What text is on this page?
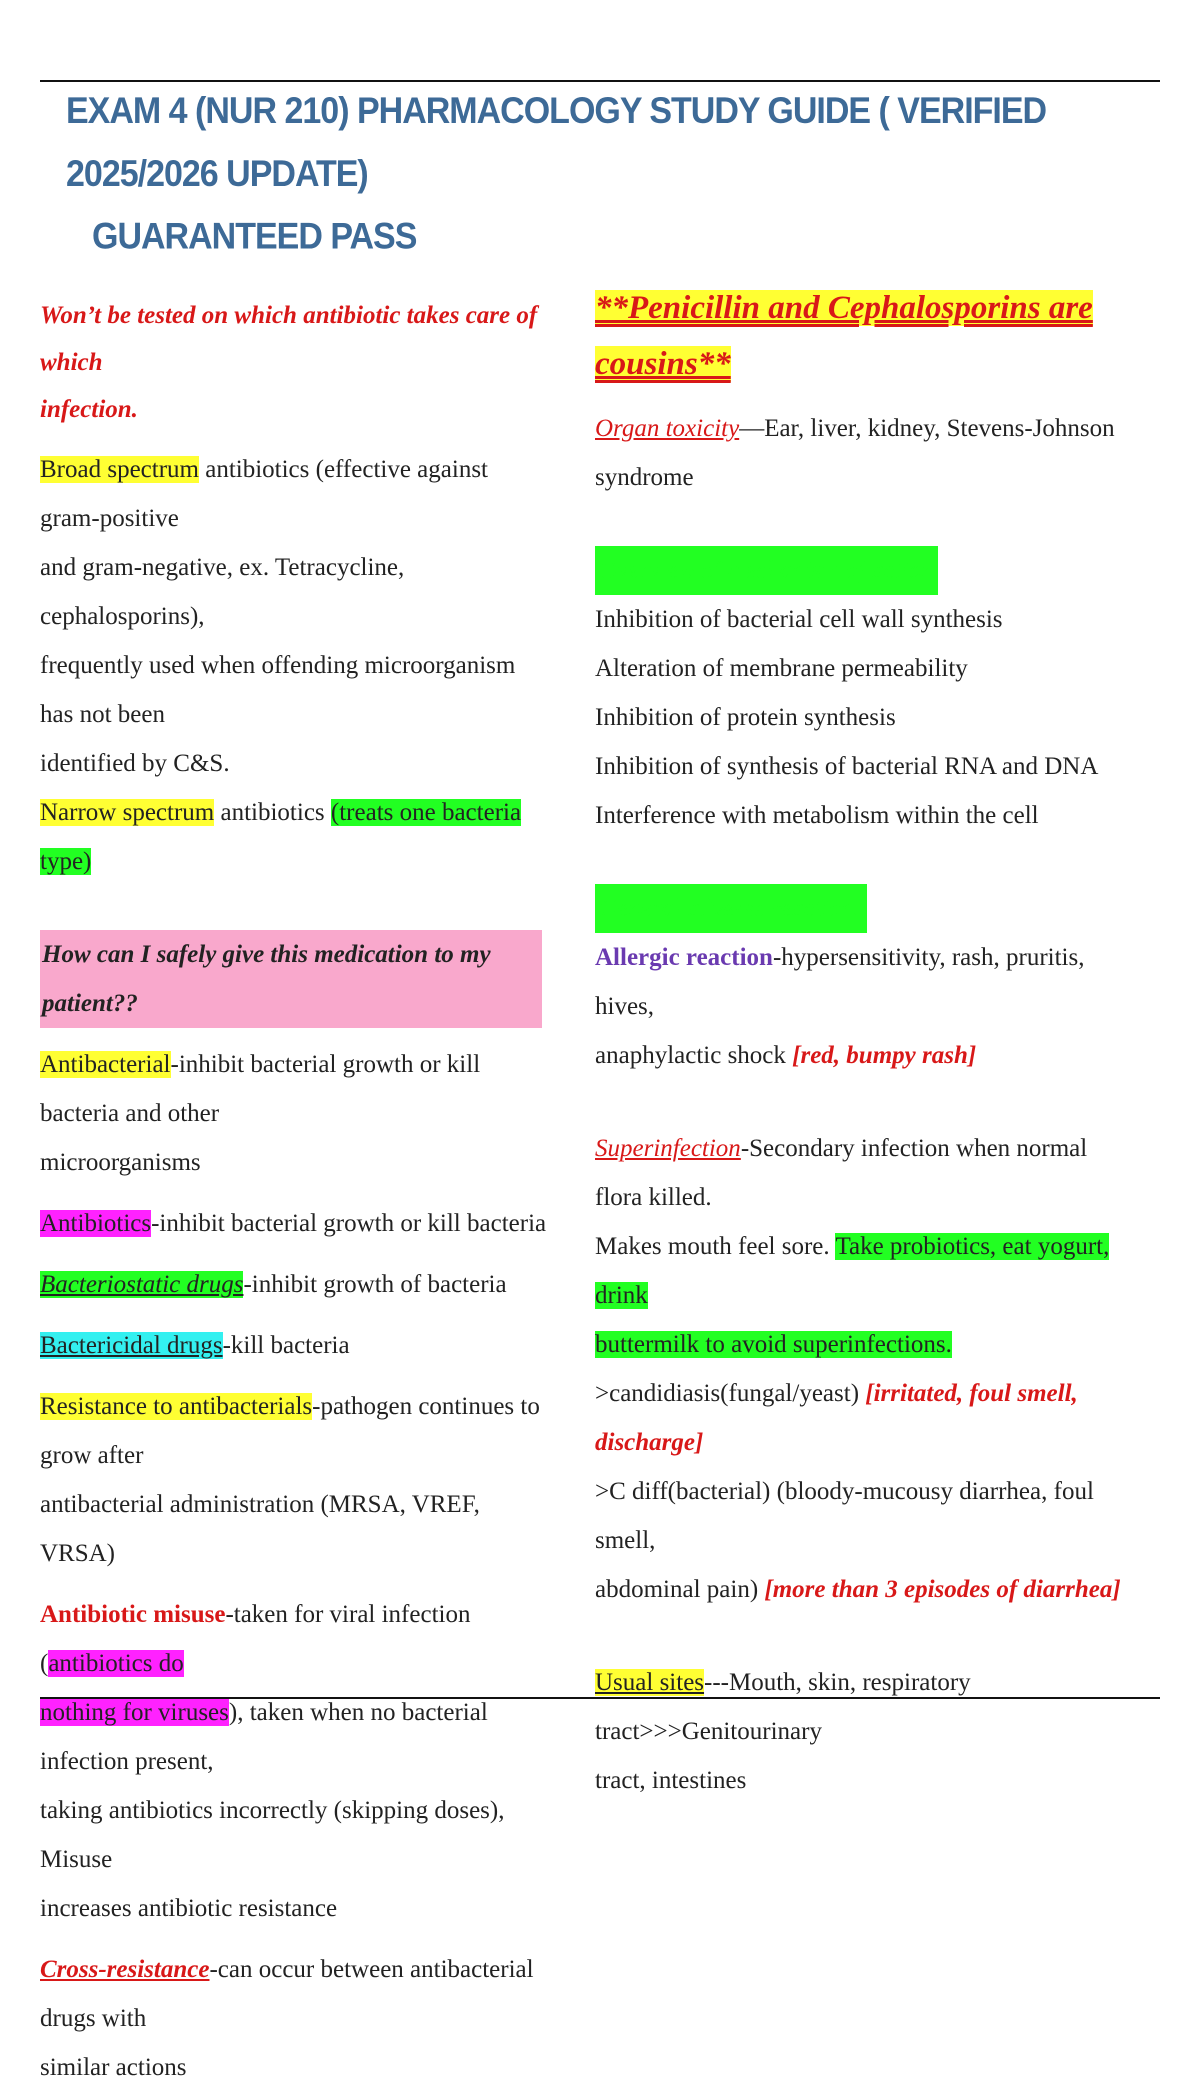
EXAM 4 (NUR 210) PHARMACOLOGY STUDY GUIDE ( VERIFIED 2025/2026 UPDATE)
GUARANTEED PASS

Won’t be tested on which antibiotic takes care of which
infection.

Broad spectrum antibiotics (effective against gram-positive
and gram-negative, ex. Tetracycline, cephalosporins),
frequently used when offending microorganism has not been
identified by C&S.
Narrow spectrum antibiotics (treats one bacteria type)

How can I safely give this medication to my patient??

Antibacterial-inhibit bacterial growth or kill bacteria and other
microorganisms

Antibiotics-inhibit bacterial growth or kill bacteria

Bacteriostatic drugs-inhibit growth of bacteria

Bactericidal drugs-kill bacteria

Resistance to antibacterials-pathogen continues to grow after
antibacterial administration (MRSA, VREF, VRSA)

Antibiotic misuse-taken for viral infection (antibiotics do
nothing for viruses), taken when no bacterial infection present,
taking antibiotics incorrectly (skipping doses), Misuse
increases antibiotic resistance

Cross-resistance-can occur between antibacterial drugs with
similar actions

**Penicillin and Cephalosporins are cousins**

Organ toxicity—Ear, liver, kidney, Stevens-Johnson syndrome

Overview of mechanism of action

Inhibition of bacterial cell wall synthesis

Alteration of membrane permeability

Inhibition of protein synthesis

Inhibition of synthesis of bacterial RNA and DNA

Interference with metabolism within the cell

General adverse reactions

Allergic reaction-hypersensitivity, rash, pruritis, hives,
anaphylactic shock [red, bumpy rash]

Superinfection-Secondary infection when normal flora killed.
Makes mouth feel sore. Take probiotics, eat yogurt, drink
buttermilk to avoid superinfections.
>candidiasis(fungal/yeast) [irritated, foul smell, discharge]
>C diff(bacterial) (bloody-mucousy diarrhea, foul smell,
abdominal pain) [more than 3 episodes of diarrhea]

Usual sites---Mouth, skin, respiratory tract>>>Genitourinary
tract, intestines
